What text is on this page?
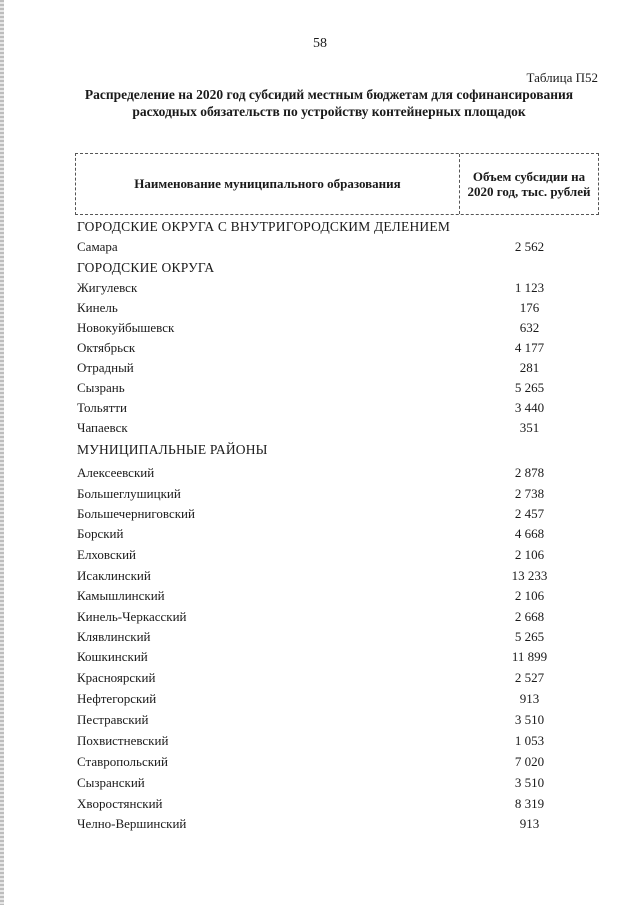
58
Таблица П52
Распределение на 2020 год субсидий местным бюджетам для софинансирования расходных обязательств по устройству контейнерных площадок
Наименование муниципального образования	Объем субсидии на 2020 год, тыс. рублей
ГОРОДСКИЕ ОКРУГА С ВНУТРИГОРОДСКИМ ДЕЛЕНИЕМ
Самара	2 562
ГОРОДСКИЕ ОКРУГА
Жигулевск	1 123
Кинель	176
Новокуйбышевск	632
Октябрьск	4 177
Отрадный	281
Сызрань	5 265
Тольятти	3 440
Чапаевск	351
МУНИЦИПАЛЬНЫЕ РАЙОНЫ
Алексеевский	2 878
Большеглушицкий	2 738
Большечерниговский	2 457
Борский	4 668
Елховский	2 106
Исаклинский	13 233
Камышлинский	2 106
Кинель-Черкасский	2 668
Клявлинский	5 265
Кошкинский	11 899
Красноярский	2 527
Нефтегорский	913
Пестравский	3 510
Похвистневский	1 053
Ставропольский	7 020
Сызранский	3 510
Хворостянский	8 319
Челно-Вершинский	913
